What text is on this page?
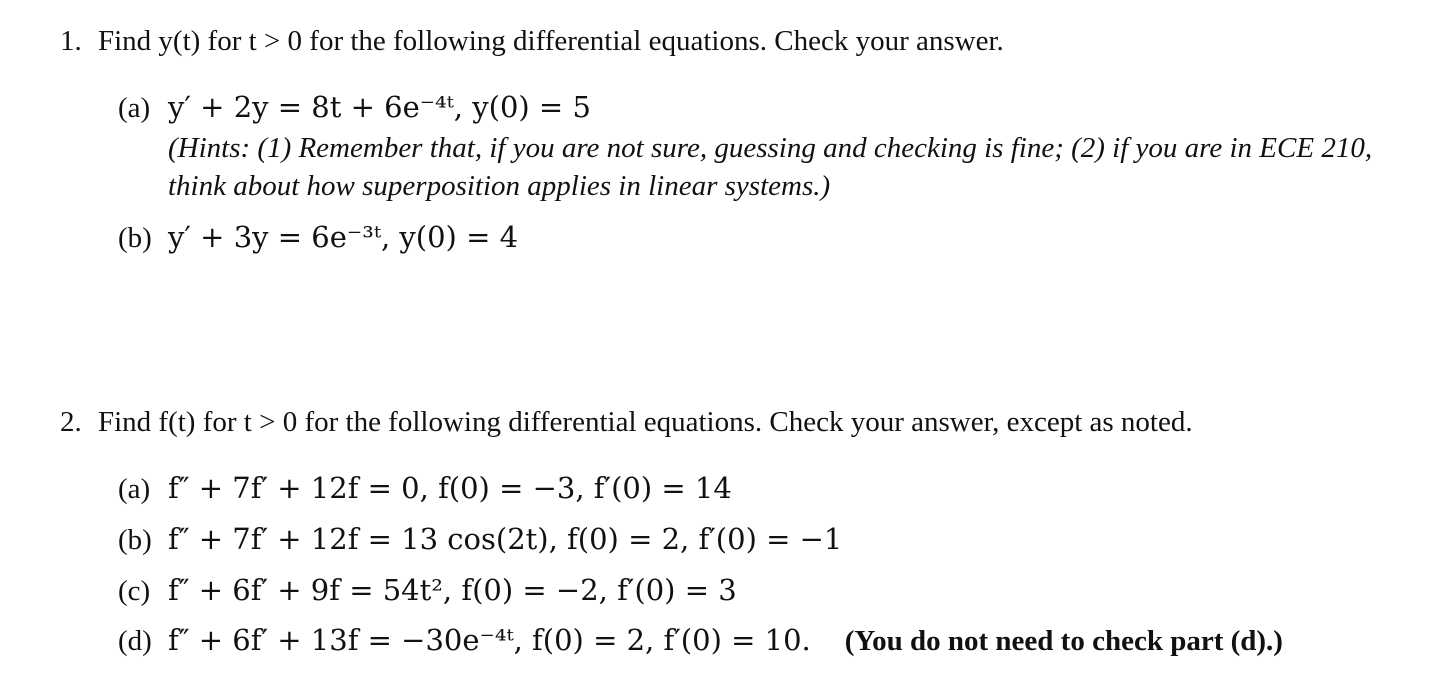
1. Find y(t) for t > 0 for the following differential equations. Check your answer.
(a) y′ + 2y = 8t + 6e⁻⁴ᵗ, y(0) = 5
(Hints: (1) Remember that, if you are not sure, guessing and checking is fine; (2) if you are in ECE 210, think about how superposition applies in linear systems.)
(b) y′ + 3y = 6e⁻³ᵗ, y(0) = 4
2. Find f(t) for t > 0 for the following differential equations. Check your answer, except as noted.
(a) f″ + 7f′ + 12f = 0, f(0) = −3, f′(0) = 14
(b) f″ + 7f′ + 12f = 13 cos(2t), f(0) = 2, f′(0) = −1
(c) f″ + 6f′ + 9f = 54t², f(0) = −2, f′(0) = 3
(d) f″ + 6f′ + 13f = −30e⁻⁴ᵗ, f(0) = 2, f′(0) = 10. (You do not need to check part (d).)
